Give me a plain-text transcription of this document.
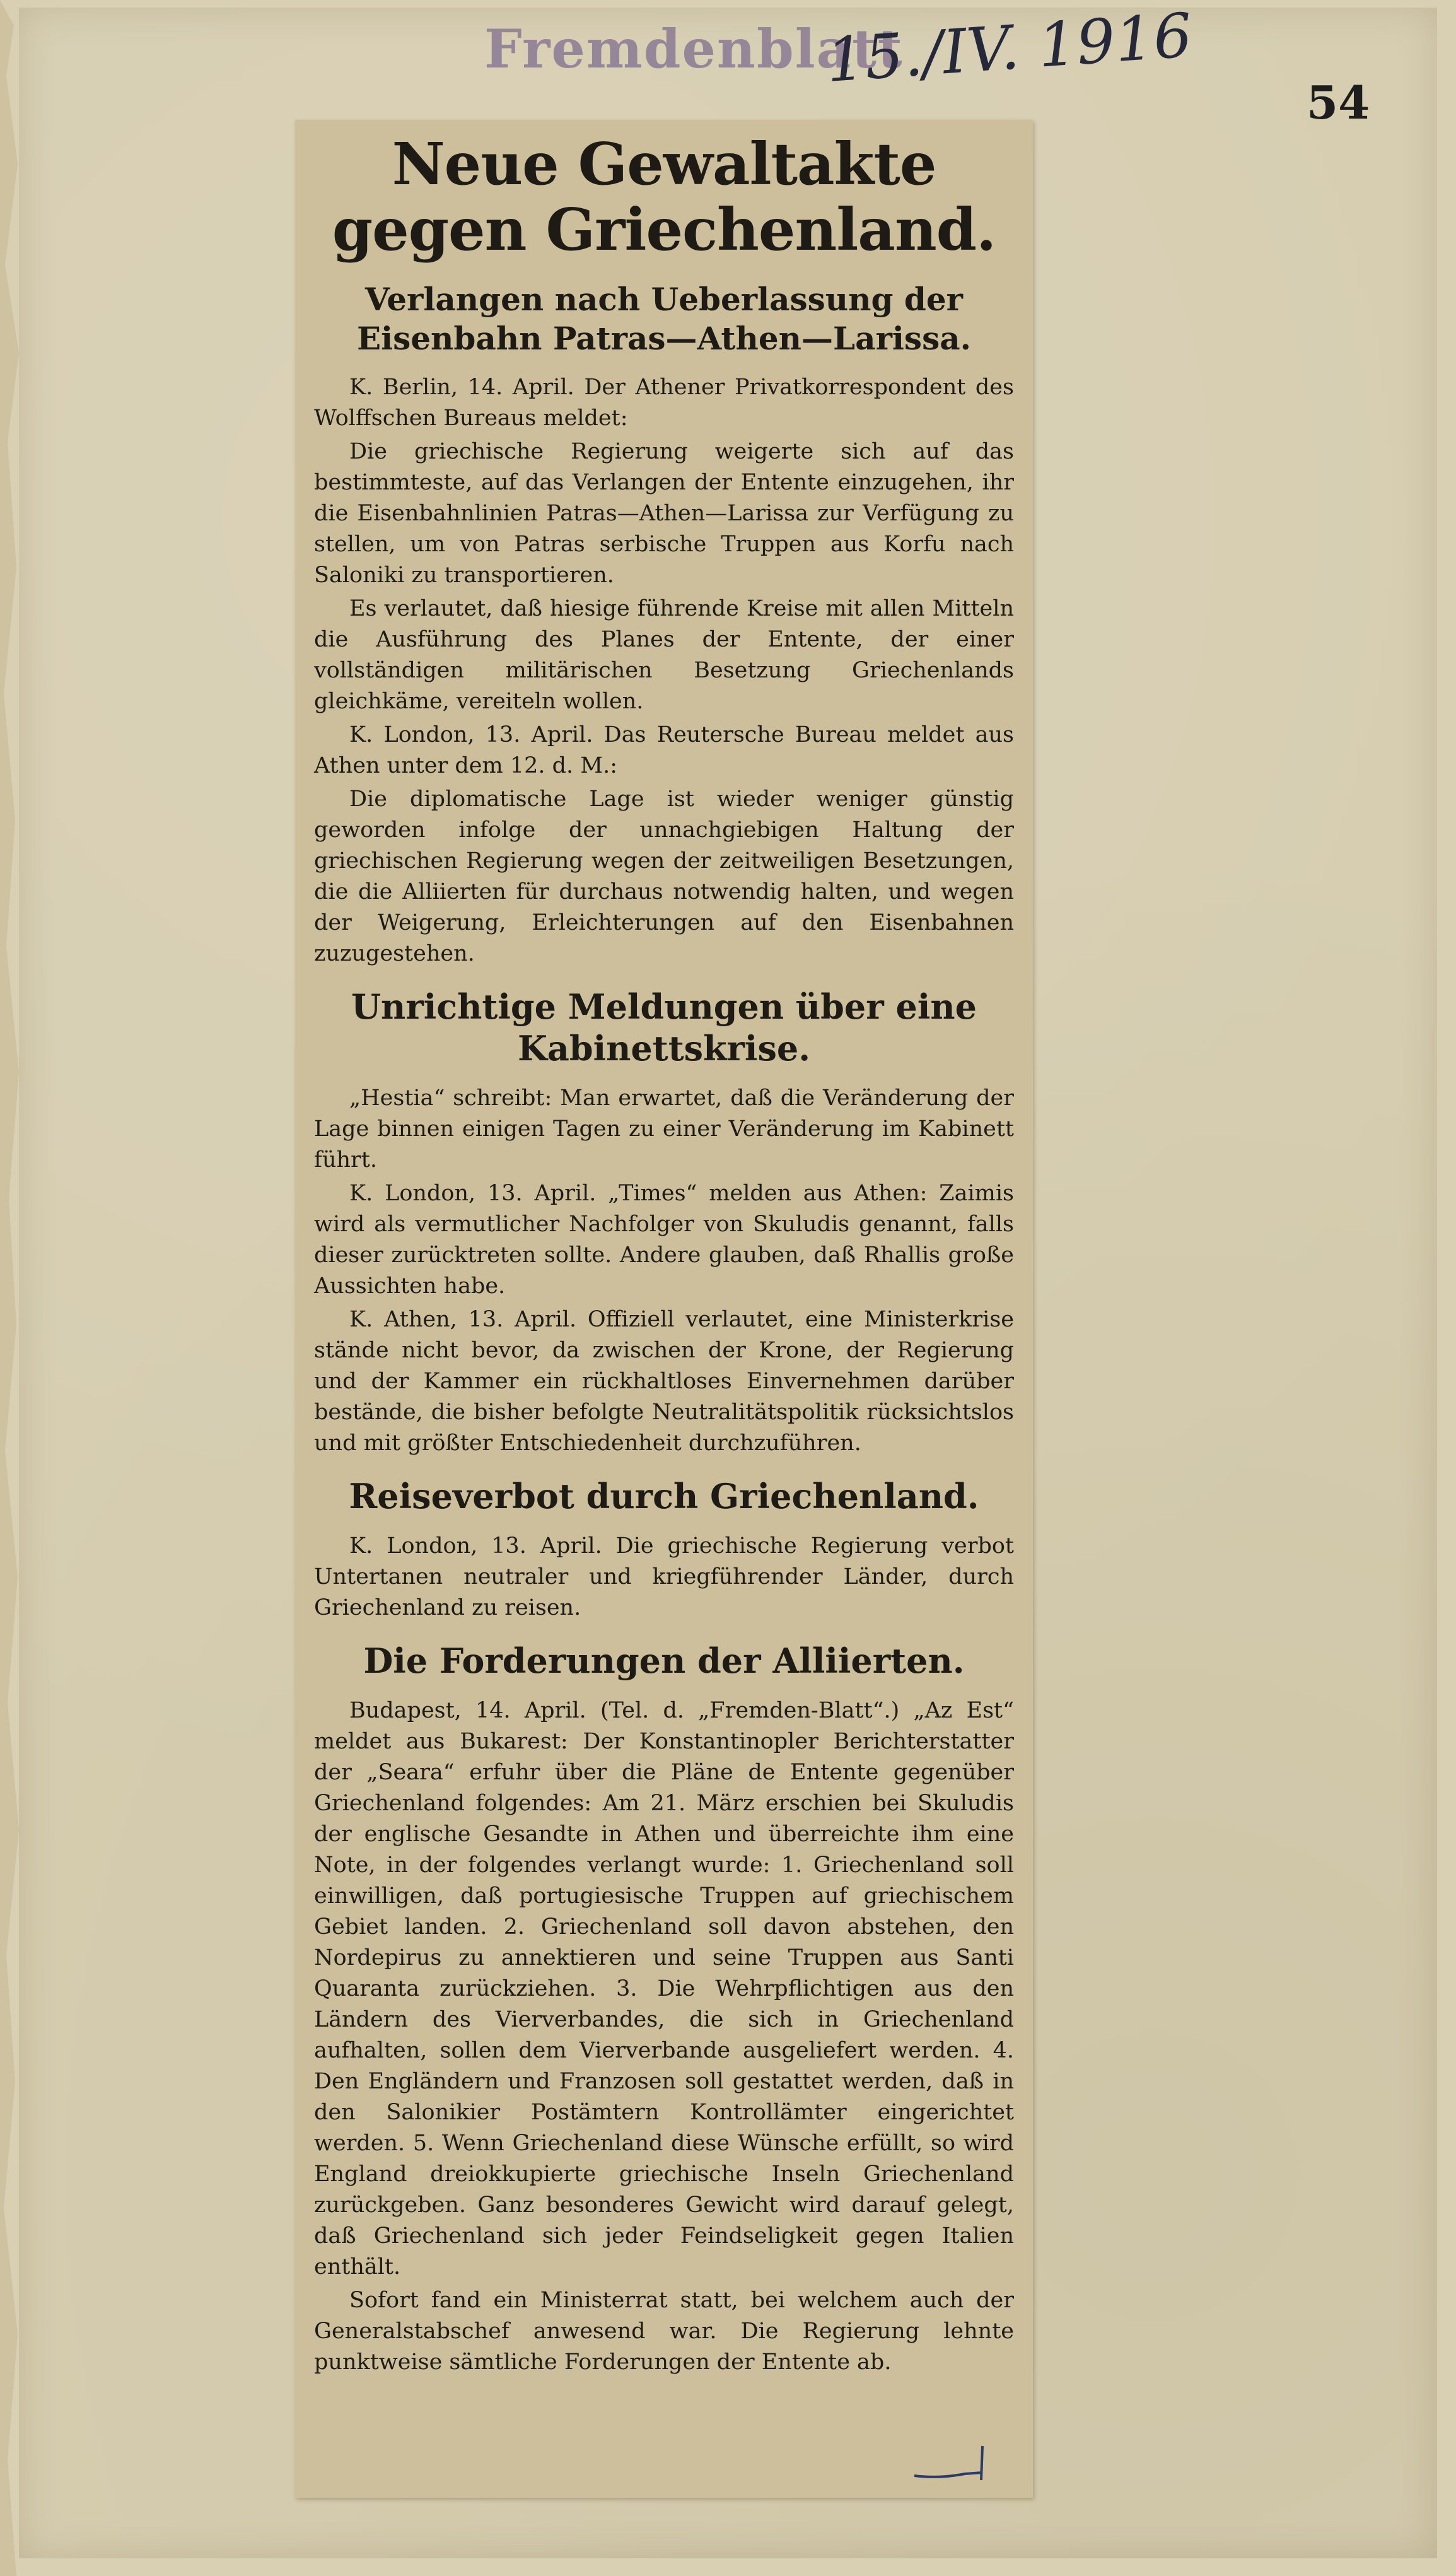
Fremdenblatt
15./IV. 1916
54
Neue Gewaltakte gegen Griechenland.
Verlangen nach Ueberlassung der Eisenbahn Patras—Athen—Larissa.

K. Berlin, 14. April. Der Athener Privatkorrespondent des Wolffschen Bureaus meldet:

Die griechische Regierung weigerte sich auf das bestimmteste, auf das Verlangen der Entente einzugehen, ihr die Eisenbahnlinien Patras—Athen—Larissa zur Verfügung zu stellen, um von Patras serbische Truppen aus Korfu nach Saloniki zu transportieren.

Es verlautet, daß hiesige führende Kreise mit allen Mitteln die Ausführung des Planes der Entente, der einer vollständigen militärischen Besetzung Griechenlands gleichkäme, vereiteln wollen.

K. London, 13. April. Das Reutersche Bureau meldet aus Athen unter dem 12. d. M.:

Die diplomatische Lage ist wieder weniger günstig geworden infolge der unnachgiebigen Haltung der griechischen Regierung wegen der zeitweiligen Besetzungen, die die Alliierten für durchaus notwendig halten, und wegen der Weigerung, Erleichterungen auf den Eisenbahnen zuzugestehen.

Unrichtige Meldungen über eine Kabinettskrise.

„Hestia“ schreibt: Man erwartet, daß die Veränderung der Lage binnen einigen Tagen zu einer Veränderung im Kabinett führt.

K. London, 13. April. „Times“ melden aus Athen: Zaimis wird als vermutlicher Nachfolger von Skuludis genannt, falls dieser zurücktreten sollte. Andere glauben, daß Rhallis große Aussichten habe.

K. Athen, 13. April. Offiziell verlautet, eine Ministerkrise stände nicht bevor, da zwischen der Krone, der Regierung und der Kammer ein rückhaltloses Einvernehmen darüber bestände, die bisher befolgte Neutralitätspolitik rücksichtslos und mit größter Entschiedenheit durchzuführen.

Reiseverbot durch Griechenland.

K. London, 13. April. Die griechische Regierung verbot Untertanen neutraler und kriegführender Länder, durch Griechenland zu reisen.

Die Forderungen der Alliierten.

Budapest, 14. April. (Tel. d. „Fremden-Blatt“.) „Az Est“ meldet aus Bukarest: Der Konstantinopler Berichterstatter der „Seara“ erfuhr über die Pläne de Entente gegenüber Griechenland folgendes: Am 21. März erschien bei Skuludis der englische Gesandte in Athen und überreichte ihm eine Note, in der folgendes verlangt wurde: 1. Griechenland soll einwilligen, daß portugiesische Truppen auf griechischem Gebiet landen. 2. Griechenland soll davon abstehen, den Nordepirus zu annektieren und seine Truppen aus Santi Quaranta zurückziehen. 3. Die Wehrpflichtigen aus den Ländern des Vierverbandes, die sich in Griechenland aufhalten, sollen dem Vierverbande ausgeliefert werden. 4. Den Engländern und Franzosen soll gestattet werden, daß in den Salonikier Postämtern Kontrollämter eingerichtet werden. 5. Wenn Griechenland diese Wünsche erfüllt, so wird England dreiokkupierte griechische Inseln Griechenland zurückgeben. Ganz besonderes Gewicht wird darauf gelegt, daß Griechenland sich jeder Feindseligkeit gegen Italien enthält.

Sofort fand ein Ministerrat statt, bei welchem auch der Generalstabschef anwesend war. Die Regierung lehnte punktweise sämtliche Forderungen der Entente ab.
